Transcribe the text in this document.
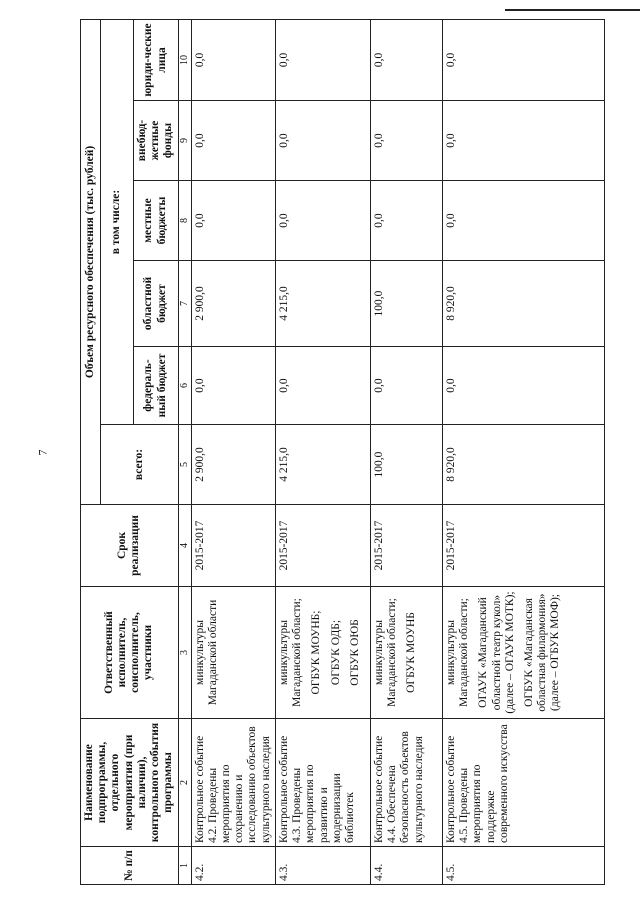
7
№ п/п	Наименование подпрограммы, отдельного мероприятия (при наличии), контрольного события программы	Ответственный исполнитель, соисполнитель, участники	Срок реализации	Объем ресурсного обеспечения (тыс. рублей)					
				всего:	в том числе:				
					федераль-ный бюджет	областной бюджет	местные бюджеты	внебюд-жетные фонды	юриди-ческие лица
1	2	3	4	5	6	7	8	9	10
4.2.	Контрольное событие 4.2. Проведены мероприятия по сохранению и исследованию объектов культурного наследия	минкультуры Магаданской области	2015-2017	2 900,0	0,0	2 900,0	0,0	0,0	0,0
4.3.	Контрольное событие 4.3. Проведены мероприятия по развитию и модернизации библиотек	минкультуры Магаданской области; ОГБУК МОУНБ; ОГБУК ОДБ; ОГБУК ОЮБ	2015-2017	4 215,0	0,0	4 215,0	0,0	0,0	0,0
4.4.	Контрольное событие 4.4. Обеспечена безопасность объектов культурного наследия	минкультуры Магаданской области; ОГБУК МОУНБ	2015-2017	100,0	0,0	100,0	0,0	0,0	0,0
4.5.	Контрольное событие 4.5. Проведены мероприятия по поддержке современного искусства	минкультуры Магаданской области; ОГАУК «Магаданский областной театр кукол» (далее – ОГАУК МОТК); ОГБУК «Магаданская областная филармония» (далее – ОГБУК МОФ);	2015-2017	8 920,0	0,0	8 920,0	0,0	0,0	0,0
